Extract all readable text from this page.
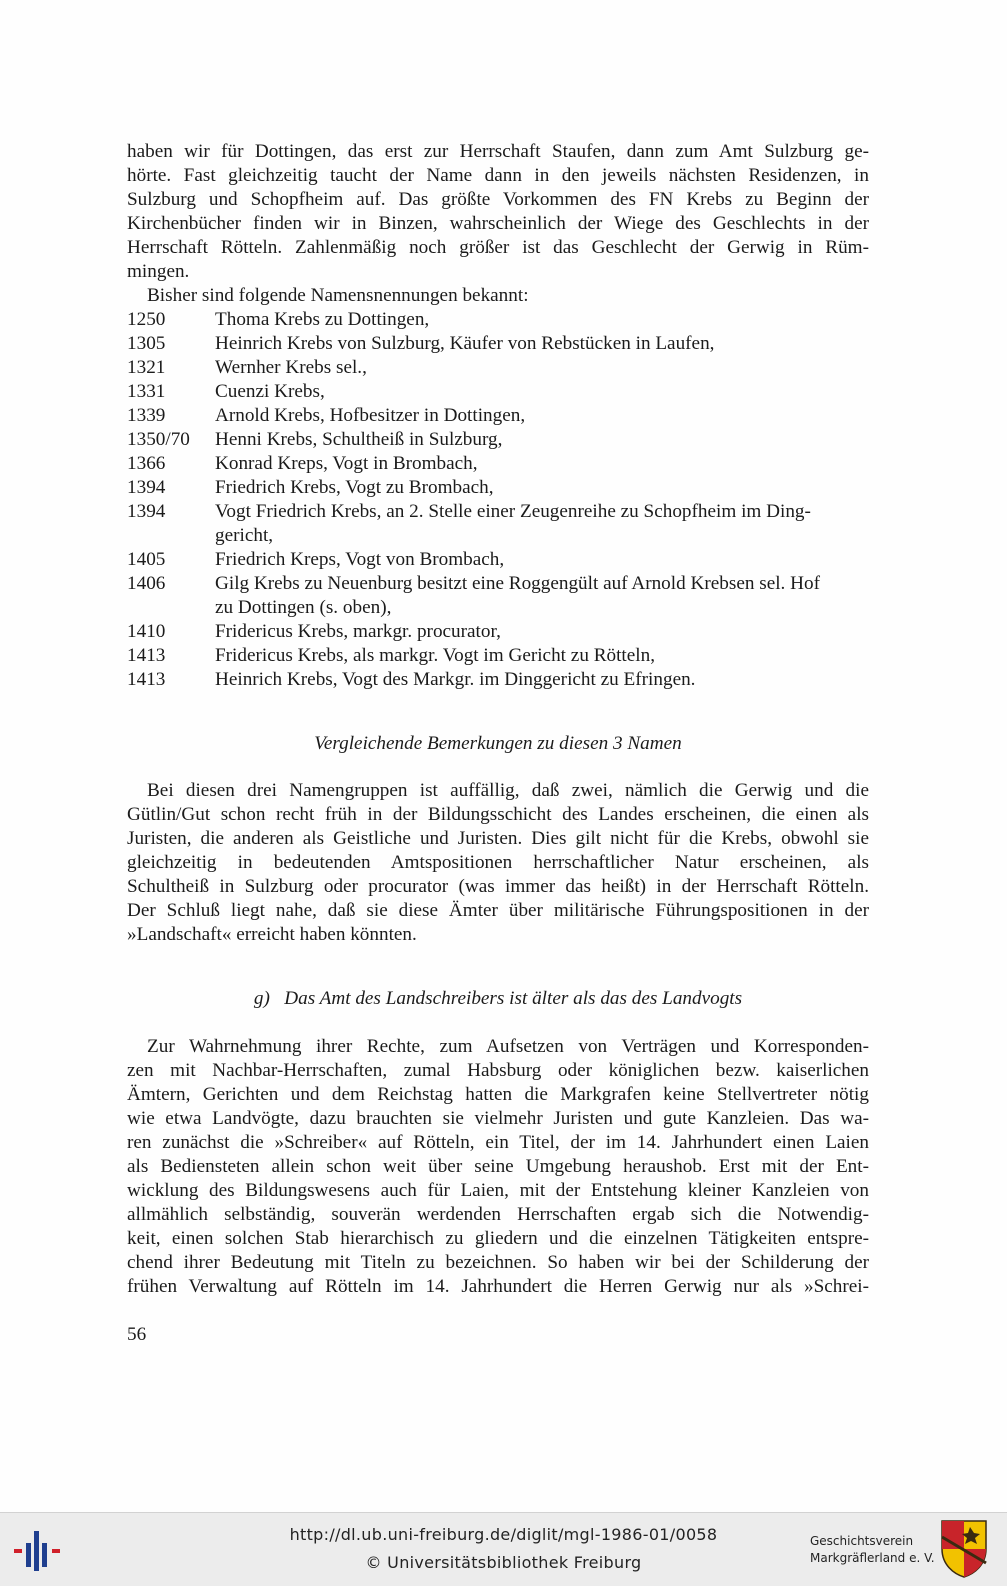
haben wir für Dottingen, das erst zur Herrschaft Staufen, dann zum Amt Sulzburg ge-
hörte. Fast gleichzeitig taucht der Name dann in den jeweils nächsten Residenzen, in
Sulzburg und Schopfheim auf. Das größte Vorkommen des FN Krebs zu Beginn der
Kirchenbücher finden wir in Binzen, wahrscheinlich der Wiege des Geschlechts in der
Herrschaft Rötteln. Zahlenmäßig noch größer ist das Geschlecht der Gerwig in Rüm-
mingen.

Bisher sind folgende Namensnennungen bekannt:
1250	Thoma Krebs zu Dottingen,
1305	Heinrich Krebs von Sulzburg, Käufer von Rebstücken in Laufen,
1321	Wernher Krebs sel.,
1331	Cuenzi Krebs,
1339	Arnold Krebs, Hofbesitzer in Dottingen,
1350/70	Henni Krebs, Schultheiß in Sulzburg,
1366	Konrad Kreps, Vogt in Brombach,
1394	Friedrich Krebs, Vogt zu Brombach,
1394	Vogt Friedrich Krebs, an 2. Stelle einer Zeugenreihe zu Schopfheim im Ding-
gericht,
1405	Friedrich Kreps, Vogt von Brombach,
1406	Gilg Krebs zu Neuenburg besitzt eine Roggengült auf Arnold Krebsen sel. Hof
zu Dottingen (s. oben),
1410	Fridericus Krebs, markgr. procurator,
1413	Fridericus Krebs, als markgr. Vogt im Gericht zu Rötteln,
1413	Heinrich Krebs, Vogt des Markgr. im Dinggericht zu Efringen.
Vergleichende Bemerkungen zu diesen 3 Namen

Bei diesen drei Namengruppen ist auffällig, daß zwei, nämlich die Gerwig und die
Gütlin/Gut schon recht früh in der Bildungsschicht des Landes erscheinen, die einen als
Juristen, die anderen als Geistliche und Juristen. Dies gilt nicht für die Krebs, obwohl sie
gleichzeitig in bedeutenden Amtspositionen herrschaftlicher Natur erscheinen, als
Schultheiß in Sulzburg oder procurator (was immer das heißt) in der Herrschaft Rötteln.
Der Schluß liegt nahe, daß sie diese Ämter über militärische Führungspositionen in der
»Landschaft« erreicht haben könnten.

g)   Das Amt des Landschreibers ist älter als das des Landvogts

Zur Wahrnehmung ihrer Rechte, zum Aufsetzen von Verträgen und Korresponden-
zen mit Nachbar-Herrschaften, zumal Habsburg oder königlichen bezw. kaiserlichen
Ämtern, Gerichten und dem Reichstag hatten die Markgrafen keine Stellvertreter nötig
wie etwa Landvögte, dazu brauchten sie vielmehr Juristen und gute Kanzleien. Das wa-
ren zunächst die »Schreiber« auf Rötteln, ein Titel, der im 14. Jahrhundert einen Laien
als Bediensteten allein schon weit über seine Umgebung heraushob. Erst mit der Ent-
wicklung des Bildungswesens auch für Laien, mit der Entstehung kleiner Kanzleien von
allmählich selbständig, souverän werdenden Herrschaften ergab sich die Notwendig-
keit, einen solchen Stab hierarchisch zu gliedern und die einzelnen Tätigkeiten entspre-
chend ihrer Bedeutung mit Titeln zu bezeichnen. So haben wir bei der Schilderung der
frühen Verwaltung auf Rötteln im 14. Jahrhundert die Herren Gerwig nur als »Schrei-

56
http://dl.ub.uni-freiburg.de/diglit/mgl-1986-01/0058
© Universitätsbibliothek Freiburg
Geschichtsverein
Markgräflerland e. V.
